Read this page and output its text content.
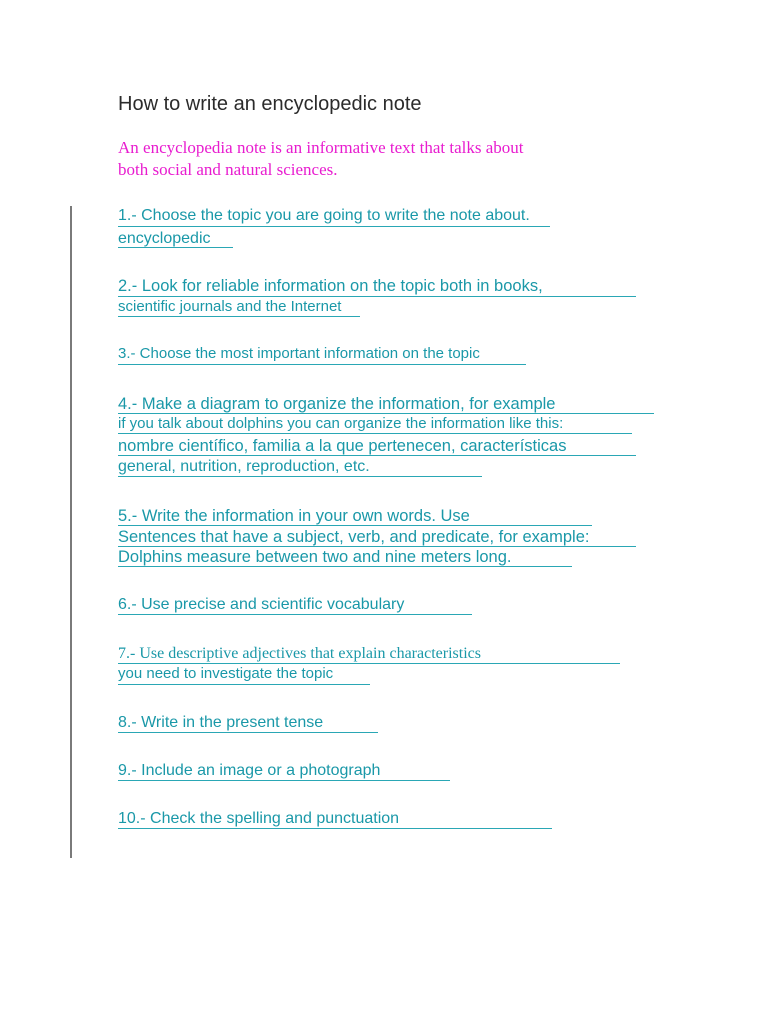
How to write an encyclopedic note
An encyclopedia note is an informative text that talks about
both social and natural sciences.
1.- Choose the topic you are going to write the note about.
encyclopedic
2.- Look for reliable information on the topic both in books,
scientific journals and the Internet
3.- Choose the most important information on the topic
4.- Make a diagram to organize the information, for example
if you talk about dolphins you can organize the information like this:
nombre científico, familia a la que pertenecen, características
general, nutrition, reproduction, etc.
5.- Write the information in your own words. Use
Sentences that have a subject, verb, and predicate, for example:
Dolphins measure between two and nine meters long.
6.- Use precise and scientific vocabulary
7.- Use descriptive adjectives that explain characteristics
you need to investigate the topic
8.- Write in the present tense
9.- Include an image or a photograph
10.- Check the spelling and punctuation
